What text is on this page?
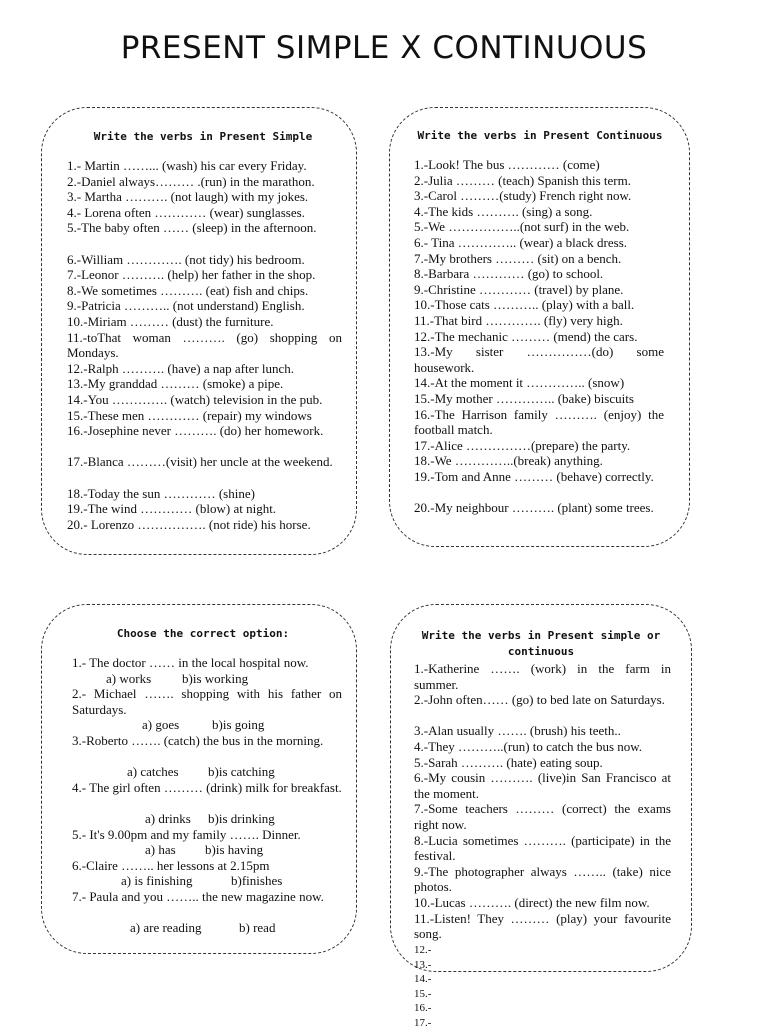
PRESENT SIMPLE X CONTINUOUS
Write the verbs in Present Simple
1.- Martin ……... (wash) his car every Friday.
2.-Daniel always……… .(run) in the marathon.
3.- Martha ………. (not laugh) with my jokes.
4.- Lorena often ………… (wear) sunglasses.
5.-The baby often …… (sleep) in the afternoon.
6.-William …………. (not tidy) his bedroom.
7.-Leonor ………. (help) her father in the shop.
8.-We sometimes ………. (eat) fish and chips.
9.-Patricia ……….. (not understand) English.
10.-Miriam ……… (dust) the furniture.
11.-toThat woman ………. (go) shopping on Mondays.
12.-Ralph ………. (have) a nap after lunch.
13.-My granddad ……… (smoke) a pipe.
14.-You …………. (watch) television in the pub.
15.-These men ………… (repair) my windows
16.-Josephine never ………. (do) her homework.
17.-Blanca ………(visit) her uncle at the weekend.
18.-Today the sun ………… (shine)
19.-The wind ………… (blow) at night.
20.- Lorenzo ……………. (not ride) his horse.
Write the verbs in Present Continuous
1.-Look! The bus ………… (come)
2.-Julia ……… (teach) Spanish this term.
3.-Carol ………(study) French right now.
4.-The kids ………. (sing) a song.
5.-We ……………..(not surf) in the web.
6.- Tina ………….. (wear) a black dress.
7.-My brothers ……… (sit) on a bench.
8.-Barbara ………… (go) to school.
9.-Christine ………… (travel) by plane.
10.-Those cats ……….. (play) with a ball.
11.-That bird …………. (fly) very high.
12.-The mechanic ……… (mend) the cars.
13.-My sister ……………(do) some housework.
14.-At the moment it ………….. (snow)
15.-My mother ………….. (bake) biscuits
16.-The Harrison family ………. (enjoy) the football match.
17.-Alice ……………(prepare) the party.
18.-We …………..(break) anything.
19.-Tom and Anne ……… (behave) correctly.
20.-My neighbour ………. (plant) some trees.
Choose the correct option:
1.- The doctor …… in the local hospital now.
a) works b)is working
2.- Michael ……. shopping with his father on Saturdays.
a) goes	b)is going
3.-Roberto ……. (catch) the bus in the morning.
a) catches b)is catching
4.- The girl often ……… (drink) milk for breakfast.
a) drinks b)is drinking
5.- It's 9.00pm and my family ……. Dinner.
a) has b)is having
6.-Claire …….. her lessons at 2.15pm
a) is finishing	b)finishes
7.- Paula and you …….. the new magazine now.
a) are reading	b) read
Write the verbs in Present simple or
continuous
1.-Katherine ……. (work) in the farm in summer.
2.-John often…… (go) to bed late on Saturdays.
3.-Alan usually ……. (brush) his teeth..
4.-They ………..(run) to catch the bus now.
5.-Sarah ………. (hate) eating soup.
6.-My cousin ………. (live)in San Francisco at the moment.
7.-Some teachers ……… (correct) the exams right now.
8.-Lucia sometimes ………. (participate) in the festival.
9.-The photographer always …….. (take) nice photos.
10.-Lucas ………. (direct) the new film now.
11.-Listen! They ……… (play) your favourite song.
12.-
13.-
14.-
15.-
16.-
17.-
